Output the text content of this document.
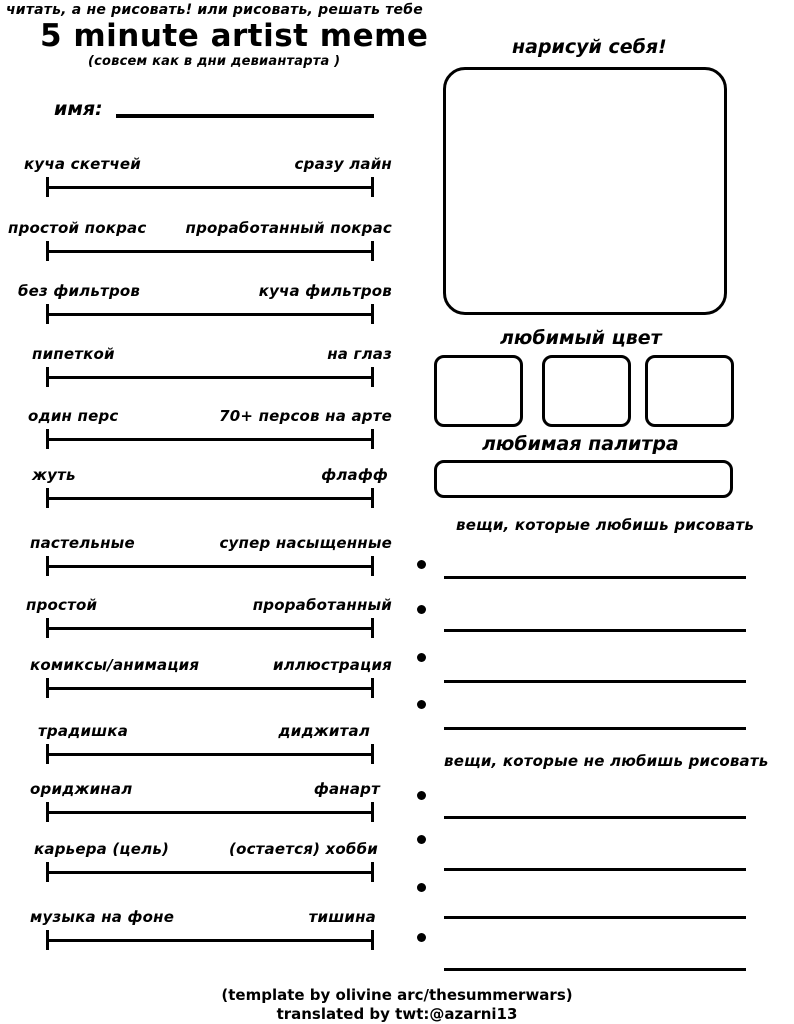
читать, а не рисовать! или рисовать, решать тебе
5 minute artist meme
(совсем как в дни девиантарта )
имя:
куча скетчей	сразу лайн
простой покрас	проработанный покрас
без фильтров	куча фильтров
пипеткой	на глаз
один перс	70+ персов на арте
жуть	флафф
пастельные	супер насыщенные
простой	проработанный
комиксы/анимация	иллюстрация
традишка	диджитал
ориджинал	фанарт
карьера (цель)	(остается) хобби
музыка на фоне	тишина
нарисуй себя!
любимый цвет
любимая палитра
вещи, которые любишь рисовать
вещи, которые не любишь рисовать
(template by olivine arc/thesummerwars)
translated by twt:@azarni13
